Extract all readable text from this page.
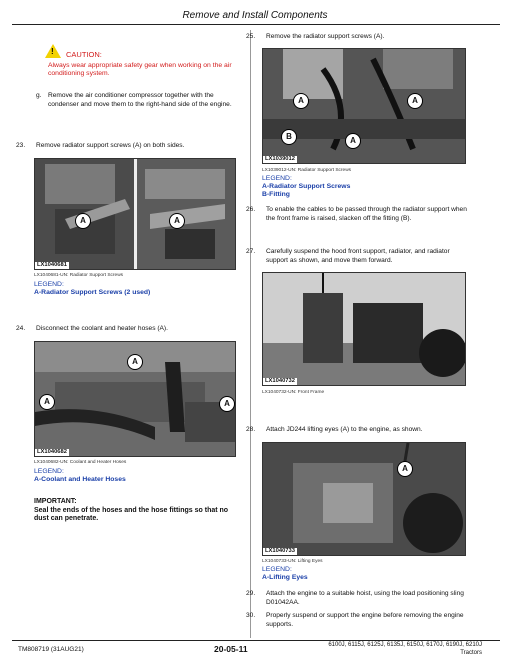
Remove and Install Components
! CAUTION:
Always wear appropriate safety gear when working on the air conditioning system.
g. Remove the air conditioner compressor together with the condenser and move them to the right-hand side of the engine.
23. Remove radiator support screws (A) on both sides.
A	A
LX1040681
LX1040681-UN: Radiator Support Screws
LEGEND:
A-Radiator Support Screws (2 used)
24. Disconnect the coolant and heater hoses (A).
A
A	A
LX1040682
LX1040682-UN: Coolant and Heater Hoses
LEGEND:
A-Coolant and Heater Hoses
IMPORTANT:
Seal the ends of the hoses and the hose fittings so that no dust can penetrate.
25. Remove the radiator support screws (A).
A	A
A
B
LX1039012
LX1039012-UN: Radiator Support Screws
LEGEND:
A-Radiator Support Screws
B-Fitting
26. To enable the cables to be passed through the radiator support when the front frame is raised, slacken off the fitting (B).
27. Carefully suspend the hood front support, radiator, and radiator support as shown, and move them forward.
LX1040732
LX1040732-UN: Front Frame
28. Attach JD244 lifting eyes (A) to the engine, as shown.
A
LX1040733
LX1040733-UN: Lifting Eyes
LEGEND:
A-Lifting Eyes
29. Attach the engine to a suitable hoist, using the load positioning sling D01042AA.
30. Properly suspend or support the engine before removing the engine supports.
TM808719 (31AUG21)	20-05-11	6100J, 6115J, 6125J, 6135J, 6150J, 6170J, 6190J, 6210J
Tractors
